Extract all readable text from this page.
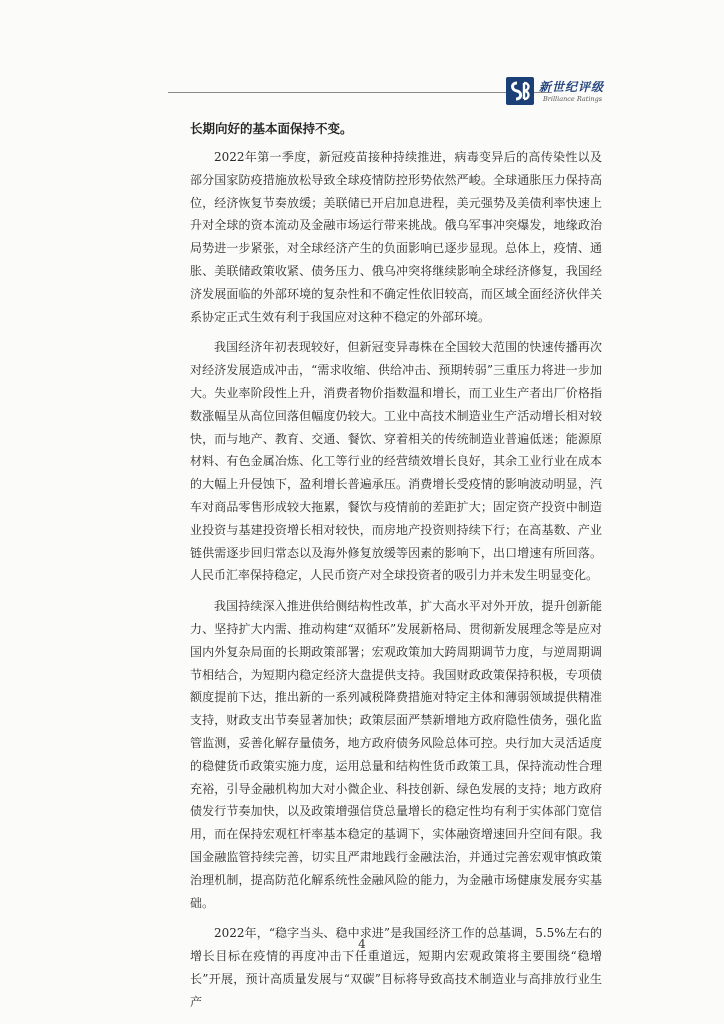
新世纪评级
Brilliance Ratings

长期向好的基本面保持不变。

2022年第一季度，新冠疫苗接种持续推进，病毒变异后的高传染性以及部分国家防疫措施放松导致全球疫情防控形势依然严峻。全球通胀压力保持高位，经济恢复节奏放缓；美联储已开启加息进程，美元强势及美债利率快速上升对全球的资本流动及金融市场运行带来挑战。俄乌军事冲突爆发，地缘政治局势进一步紧张，对全球经济产生的负面影响已逐步显现。总体上，疫情、通胀、美联储政策收紧、债务压力、俄乌冲突将继续影响全球经济修复，我国经济发展面临的外部环境的复杂性和不确定性依旧较高，而区域全面经济伙伴关系协定正式生效有利于我国应对这种不稳定的外部环境。

我国经济年初表现较好，但新冠变异毒株在全国较大范围的快速传播再次对经济发展造成冲击，“需求收缩、供给冲击、预期转弱”三重压力将进一步加大。失业率阶段性上升，消费者物价指数温和增长，而工业生产者出厂价格指数涨幅呈从高位回落但幅度仍较大。工业中高技术制造业生产活动增长相对较快，而与地产、教育、交通、餐饮、穿着相关的传统制造业普遍低迷；能源原材料、有色金属冶炼、化工等行业的经营绩效增长良好，其余工业行业在成本的大幅上升侵蚀下，盈利增长普遍承压。消费增长受疫情的影响波动明显，汽车对商品零售形成较大拖累，餐饮与疫情前的差距扩大；固定资产投资中制造业投资与基建投资增长相对较快，而房地产投资则持续下行；在高基数、产业链供需逐步回归常态以及海外修复放缓等因素的影响下，出口增速有所回落。人民币汇率保持稳定，人民币资产对全球投资者的吸引力并未发生明显变化。

我国持续深入推进供给侧结构性改革，扩大高水平对外开放，提升创新能力、坚持扩大内需、推动构建“双循环”发展新格局、贯彻新发展理念等是应对国内外复杂局面的长期政策部署；宏观政策加大跨周期调节力度，与逆周期调节相结合，为短期内稳定经济大盘提供支持。我国财政政策保持积极，专项债额度提前下达，推出新的一系列减税降费措施对特定主体和薄弱领域提供精准支持，财政支出节奏显著加快；政策层面严禁新增地方政府隐性债务，强化监管监测，妥善化解存量债务，地方政府债务风险总体可控。央行加大灵活适度的稳健货币政策实施力度，运用总量和结构性货币政策工具，保持流动性合理充裕，引导金融机构加大对小微企业、科技创新、绿色发展的支持；地方政府债发行节奏加快，以及政策增强信贷总量增长的稳定性均有利于实体部门宽信用，而在保持宏观杠杆率基本稳定的基调下，实体融资增速回升空间有限。我国金融监管持续完善，切实且严肃地践行金融法治，并通过完善宏观审慎政策治理机制，提高防范化解系统性金融风险的能力，为金融市场健康发展夯实基础。

2022年，“稳字当头、稳中求进”是我国经济工作的总基调，5.5%左右的增长目标在疫情的再度冲击下任重道远，短期内宏观政策将主要围绕“稳增长”开展，预计高质量发展与“双碳”目标将导致高技术制造业与高排放行业生产

4
